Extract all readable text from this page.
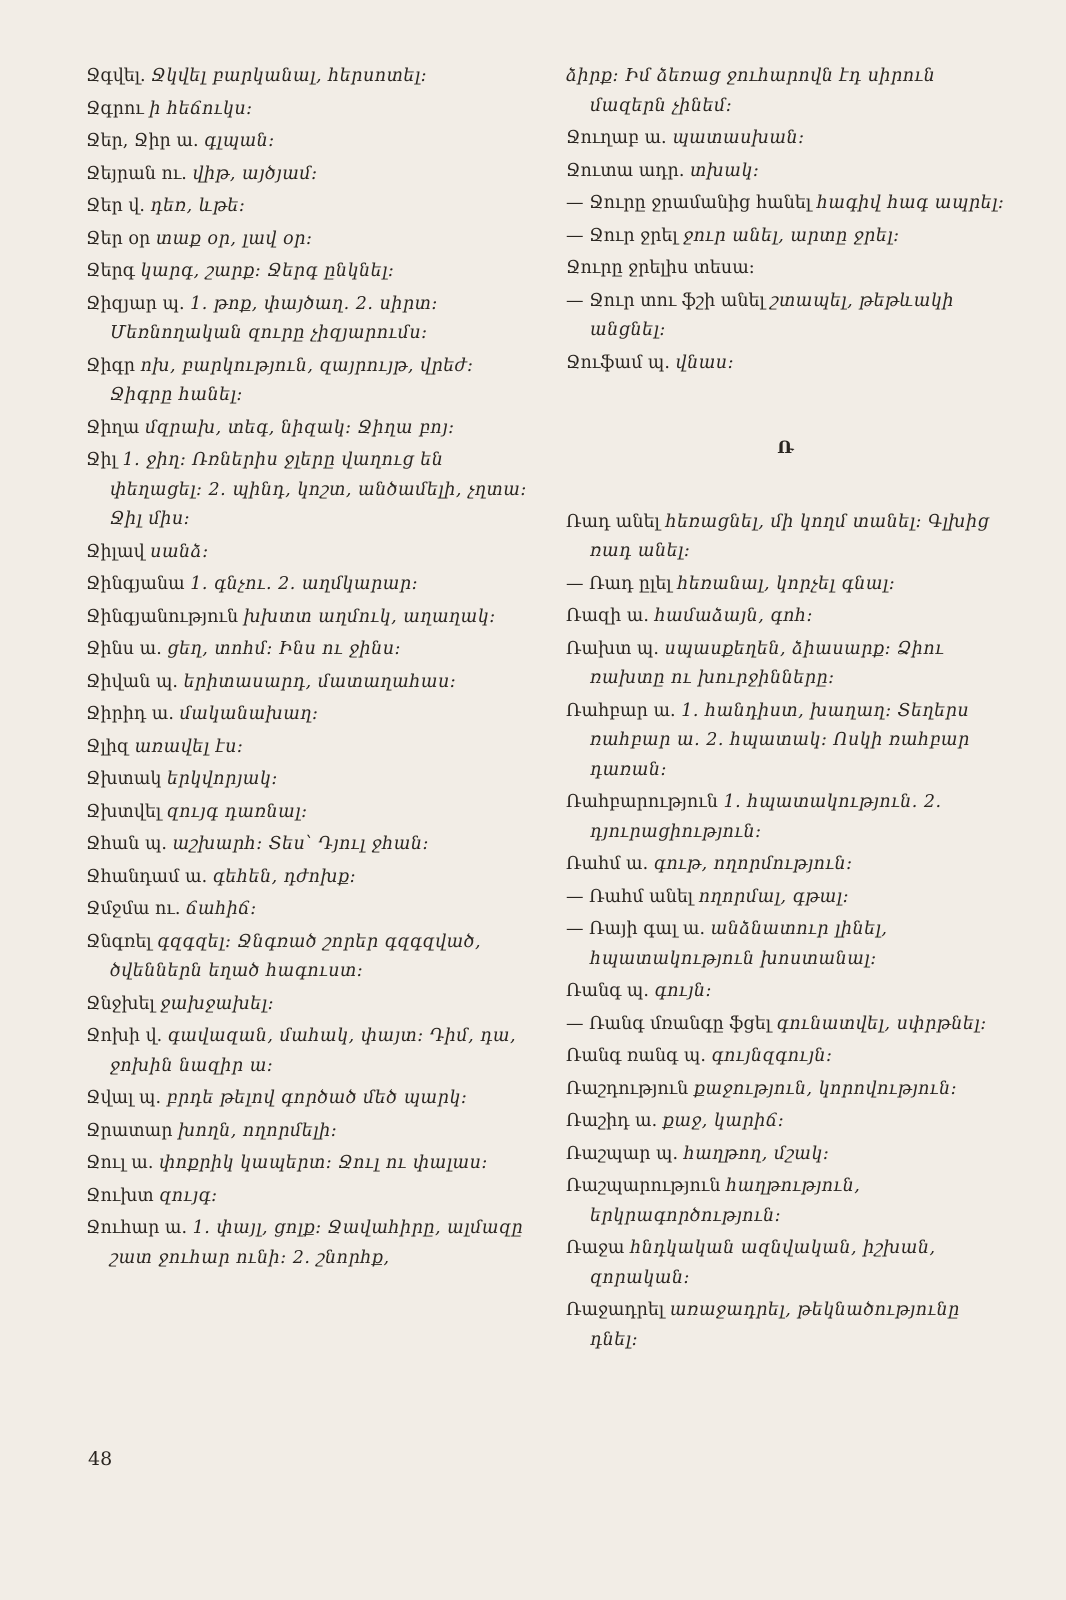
Ջգվել. Ջկվել բարկանալ, հերսոտել:
Ջգրու ի հեճուկս:
Ջեր, Ջիր ա. գլպան:
Ջեյրան ու. վիթ, այծյամ:
Ջեր վ. դեռ, ևթե:
Ջեր օր տաք օր, լավ օր:
Ջերգ կարգ, շարք: Ջերգ ընկնել:
Ջիզյար պ. 1. թոք, փայծաղ. 2. սիրտ: Մեռնողական զուրը չիզյարումս:
Ջիգր ոխ, բարկություն, զայրույթ, վրեժ: Ջիգրը հանել:
Ջիղա մզրախ, տեգ, նիզակ: Ջիղա բոյ:
Ջիլ 1. ջիղ: Ռռներիս ջլերը վաղուց են փեղացել: 2. պինդ, կոշտ, անծամելի, չղտա: Ջիլ միս:
Ջիլավ սանձ:
Ջինգյանա 1. գնչու. 2. աղմկարար:
Ջինգյանություն խխտտ աղմուկ, աղաղակ:
Ջինս ա. ցեղ, տոհմ: Ինս ու ջինս:
Ջիվան պ. երիտասարդ, մատաղահաս:
Ջիրիդ ա. մականախաղ:
Ջլիզ առավել էս:
Ջխտակ երկվորյակ:
Ջխտվել զույգ դառնալ:
Ջհան պ. աշխարհ: Տես՝ Դյուլ ջհան:
Ջհանդամ ա. գեհեն, դժոխք:
Ջմջմա ու. ճահիճ:
Ջնգռել գզգզել: Ջնգռած շորեր գզգզված, ծվեններն եղած հագուստ:
Ջնջխել ջախջախել:
Ջոխի վ. գավազան, մահակ, փայտ: Դիմ, դա, ջոխին նազիր ա:
Ջվալ պ. բրդե թելով գործած մեծ պարկ:
Ջրատար խողն, ողորմելի:
Ջուլ ա. փոքրիկ կապերտ: Ջուլ ու փալաս:
Ջուխտ զույգ:
Ջուհար ա. 1. փայլ, ցոլք: Ջավահիրը, ալմազը շատ ջուհար ունի: 2. շնորհք,
ձիրք: Իմ ձեռաց ջուհարովն էդ սիրուն մազերն չինեմ:
Ջուղաբ ա. պատասխան:
Ջուտա ադր. տխակ:
— Ջուրը ջրամանից հանել հագիվ հագ ապրել:
— Ջուր ջրել ջուր անել, արտը ջրել:
Ջուրը ջրելիս տեսա:
— Ջուր տու ֆշի անել շտապել, թեթևակի անցնել:
Ջուֆամ պ. վնաս:
Ռ
Ռադ անել հեռացնել, մի կողմ տանել: Գլխից ռադ անել:
— Ռադ ըլել հեռանալ, կորչել գնալ:
Ռազի ա. համաձայն, գոհ:
Ռախտ պ. սպասքեղեն, ձիասարք: Ձիու ռախտը ու խուրջինները:
Ռահբար ա. 1. հանդիստ, խաղաղ: Տեղերս ռահբար ա. 2. հպատակ: Ոսկի ռահբար դառան:
Ռահբարություն 1. հպատակություն. 2. դյուրացիություն:
Ռահմ ա. գութ, ողորմություն:
— Ռահմ անել ողորմալ, գթալ:
— Ռայի գալ ա. անձնատուր լինել, հպատակություն խոստանալ:
Ռանգ պ. գույն:
— Ռանգ մռանգը ֆցել գունատվել, սփրթնել:
Ռանգ ռանգ պ. գույնզգույն:
Ռաշդություն քաջություն, կորովություն:
Ռաշիդ ա. քաջ, կարիճ:
Ռաշպար պ. հաղթող, մշակ:
Ռաշպարություն հաղթություն, երկրագործություն:
Ռաջա հնդկական ազնվական, իշխան, զորական:
Ռաջադրել առաջադրել, թեկնածությունը դնել:
48
